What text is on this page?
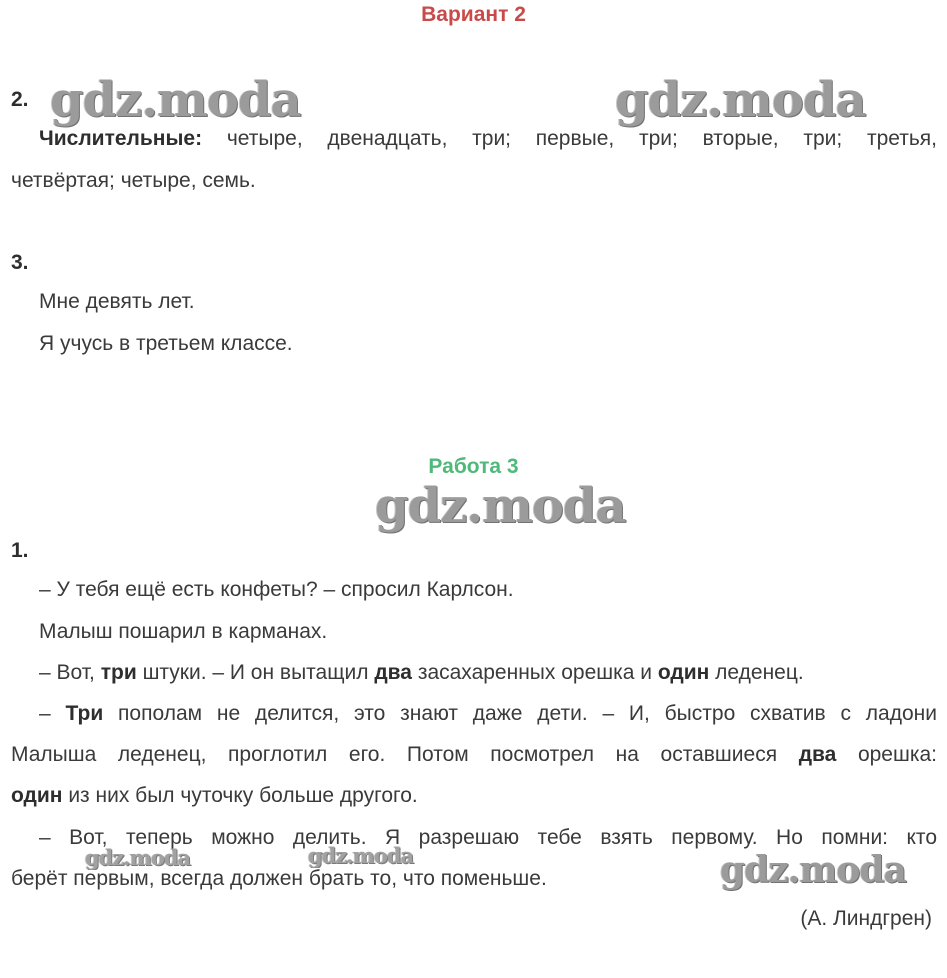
Вариант 2
2.
Числительные: четыре, двенадцать, три; первые, три; вторые, три; третья,
четвёртая; четыре, семь.
3.
Мне девять лет.
Я учусь в третьем классе.
Работа 3
1.
– У тебя ещё есть конфеты? – спросил Карлсон.
Малыш пошарил в карманах.
– Вот, три штуки. – И он вытащил два засахаренных орешка и один леденец.
– Три пополам не делится, это знают даже дети. – И, быстро схватив с ладони
Малыша леденец, проглотил его. Потом посмотрел на оставшиеся два орешка:
один из них был чуточку больше другого.
– Вот, теперь можно делить. Я разрешаю тебе взять первому. Но помни: кто
берёт первым, всегда должен брать то, что поменьше.
(А. Линдгрен)
gdz.moda	gdz.moda
gdz.moda
gdz.moda	gdz.moda	gdz.moda
